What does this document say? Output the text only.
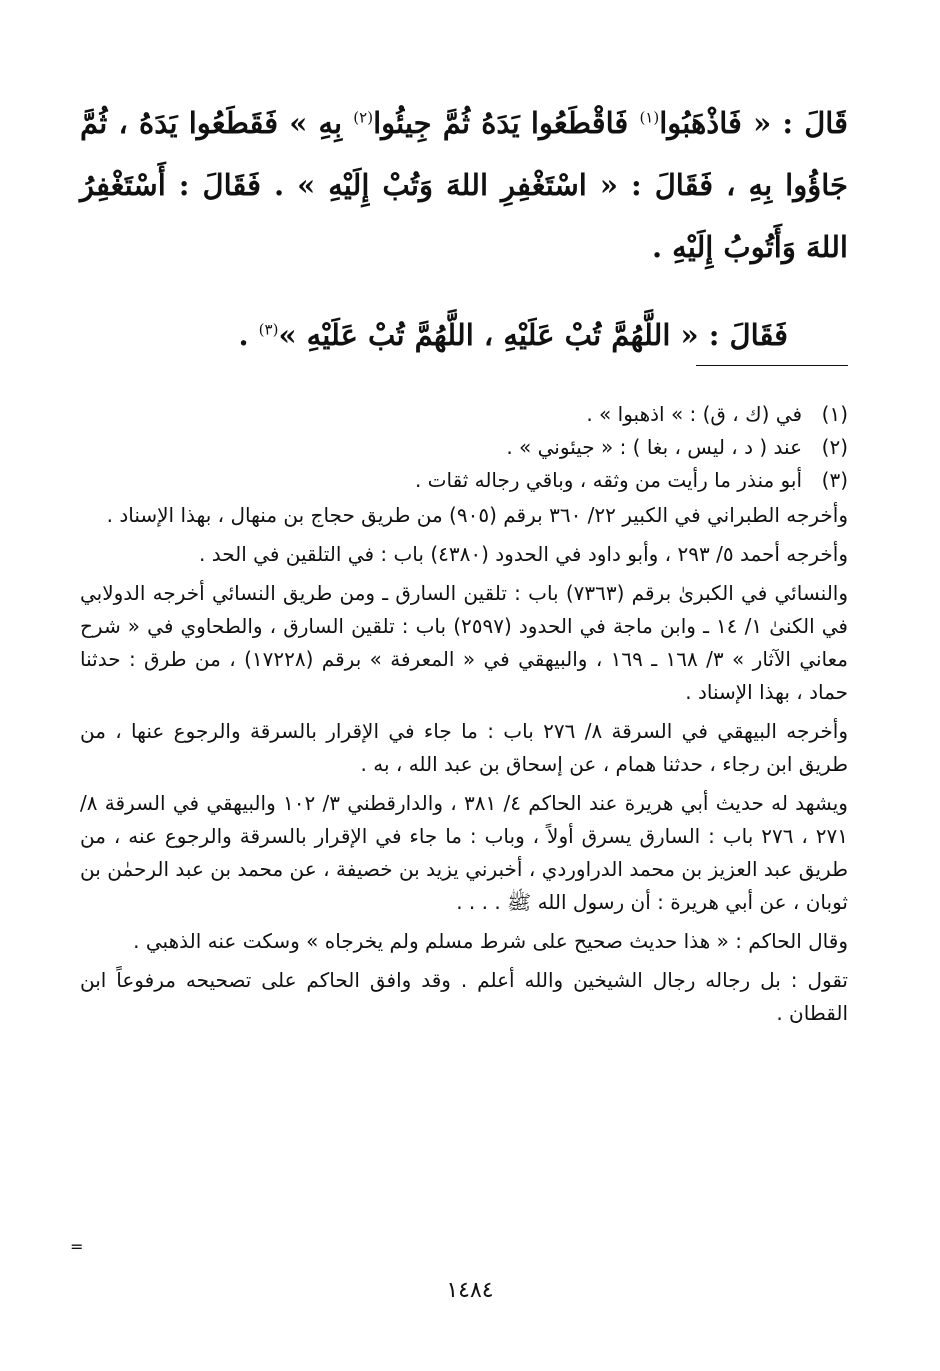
قَالَ : « فَاذْهَبُوا$^{(١)}$ فَاقْطَعُوا يَدَهُ ثُمَّ جِيئُوا$^{(٢)}$ بِهِ » فَقَطَعُوا يَدَهُ ، ثُمَّ جَاؤُوا بِهِ ، فَقَالَ : « اسْتَغْفِرِ اللهَ وَتُبْ إِلَيْهِ » . فَقَالَ : أَسْتَغْفِرُ اللهَ وَأَتُوبُ إِلَيْهِ .

فَقَالَ : « اللَّهُمَّ تُبْ عَلَيْهِ ، اللَّهُمَّ تُبْ عَلَيْهِ »$^{(٣)}$ .

(١)
في (ك ، ق) : » اذهبوا » .
(٢)
عند ( د ، ليس ، بغا ) : « جيئوني » .
(٣)
أبو منذر ما رأيت من وثقه ، وباقي رجاله ثقات .

وأخرجه الطبراني في الكبير ٢٢/ ٣٦٠ برقم (٩٠٥) من طريق حجاج بن منهال ، بهذا الإسناد .

وأخرجه أحمد ٥/ ٢٩٣ ، وأبو داود في الحدود (٤٣٨٠) باب : في التلقين في الحد .

والنسائي في الكبرىٰ برقم (٧٣٦٣) باب : تلقين السارق ـ ومن طريق النسائي أخرجه الدولابي في الكنىٰ ١/ ١٤ ـ وابن ماجة في الحدود (٢٥٩٧) باب : تلقين السارق ، والطحاوي في « شرح معاني الآثار » ٣/ ١٦٨ ـ ١٦٩ ، والبيهقي في « المعرفة » برقم (١٧٢٢٨) ، من طرق : حدثنا حماد ، بهذا الإسناد .

وأخرجه البيهقي في السرقة ٨/ ٢٧٦ باب : ما جاء في الإقرار بالسرقة والرجوع عنها ، من طريق ابن رجاء ، حدثنا همام ، عن إسحاق بن عبد الله ، به .

ويشهد له حديث أبي هريرة عند الحاكم ٤/ ٣٨١ ، والدارقطني ٣/ ١٠٢ والبيهقي في السرقة ٨/ ٢٧١ ، ٢٧٦ باب : السارق يسرق أولاً ، وباب : ما جاء في الإقرار بالسرقة والرجوع عنه ، من طريق عبد العزيز بن محمد الدراوردي ، أخبرني يزيد بن خصيفة ، عن محمد بن عبد الرحمٰن بن ثوبان ، عن أبي هريرة : أن رسول الله ﷺ . . . .

وقال الحاكم : « هذا حديث صحيح على شرط مسلم ولم يخرجاه » وسكت عنه الذهبي .

تقول : بل رجاله رجال الشيخين والله أعلم . وقد وافق الحاكم على تصحيحه مرفوعاً ابن القطان .

=
١٤٨٤
